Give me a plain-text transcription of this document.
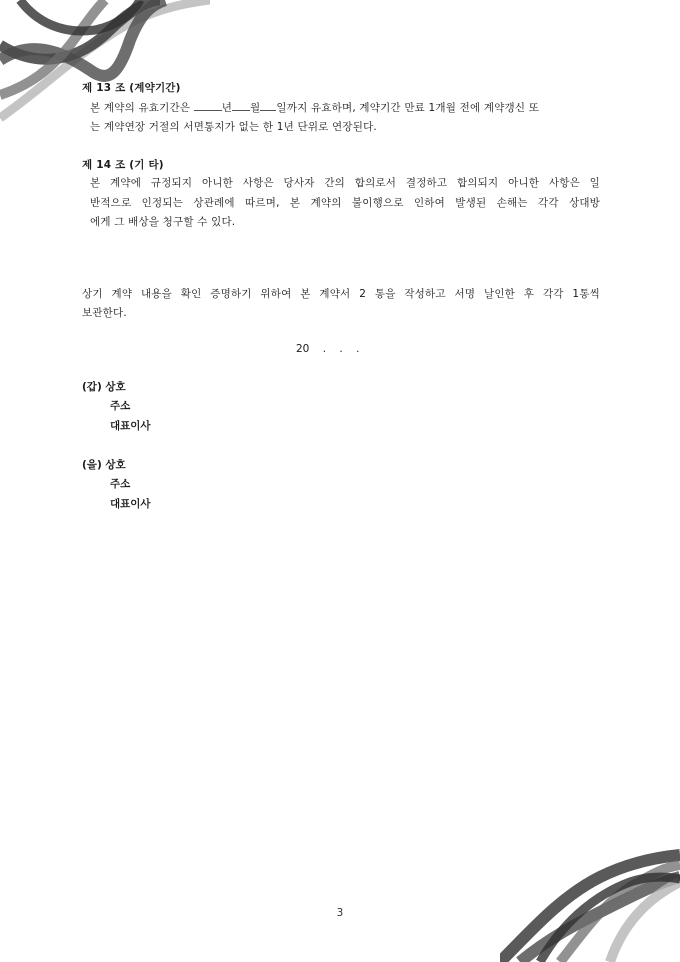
제 13 조 (계약기간)
본 계약의 유효기간은	년 월 일까지 유효하며, 계약기간 만료 1개월 전에 계약갱신 또
는 계약연장 거절의 서면통지가 없는 한 1년 단위로 연장된다.
제 14 조 (기 타)
본 계약에 규정되지 아니한 사항은 당사자 간의 합의로서 결정하고 합의되지 아니한 사항은 일
반적으로 인정되는 상관례에 따르며, 본 계약의 불이행으로 인하여 발생된 손해는 각각 상대방
에게 그 배상을 청구할 수 있다.
상기 계약 내용을 확인 증명하기 위하여 본 계약서 2 통을 작성하고 서명 날인한 후 각각 1통씩
보관한다.
20    .    .    .
(갑) 상호
주소
대표이사
(을) 상호
주소
대표이사
3
